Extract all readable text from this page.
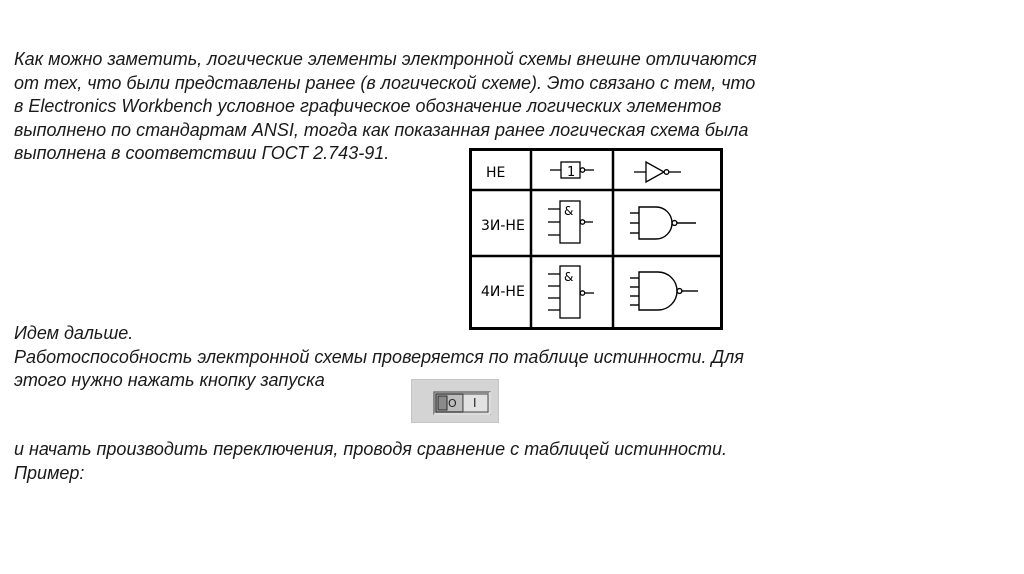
Как можно заметить, логические элементы электронной схемы внешне отличаются
от тех, что были представлены ранее (в логической схеме). Это связано с тем, что
в Electronics Workbench условное графическое обозначение логических элементов
выполнено по стандартам ANSI, тогда как показанная ранее логическая схема была
выполнена в соответствии ГОСТ 2.743-91.
НЕ
3И-НЕ
4И-НЕ
1
&
&
Идем дальше.
Работоспособность электронной схемы проверяется по таблице истинности. Для
этого нужно нажать кнопку запуска
O I
и начать производить переключения, проводя сравнение с таблицей истинности.
Пример:
